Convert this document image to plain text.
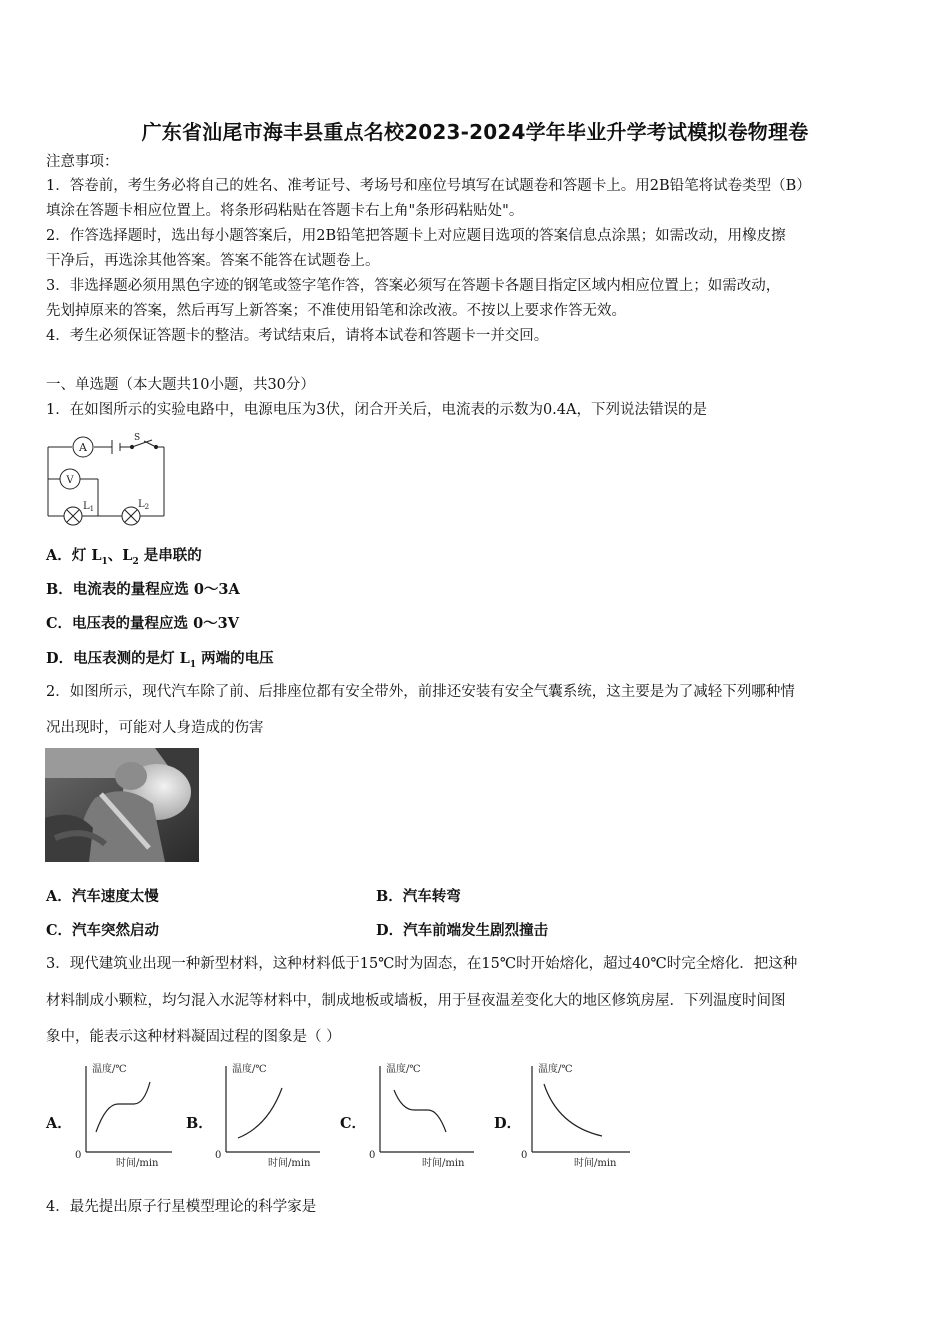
广东省汕尾市海丰县重点名校2023-2024学年毕业升学考试模拟卷物理卷
注意事项：
1．答卷前，考生务必将自己的姓名、准考证号、考场号和座位号填写在试题卷和答题卡上。用2B铅笔将试卷类型（B）
填涂在答题卡相应位置上。将条形码粘贴在答题卡右上角"条形码粘贴处"。
2．作答选择题时，选出每小题答案后，用2B铅笔把答题卡上对应题目选项的答案信息点涂黑；如需改动，用橡皮擦
干净后，再选涂其他答案。答案不能答在试题卷上。
3．非选择题必须用黑色字迹的钢笔或签字笔作答，答案必须写在答题卡各题目指定区域内相应位置上；如需改动，
先划掉原来的答案，然后再写上新答案；不准使用铅笔和涂改液。不按以上要求作答无效。
4．考生必须保证答题卡的整洁。考试结束后，请将本试卷和答题卡一并交回。
一、单选题（本大题共10小题，共30分）
1．在如图所示的实验电路中，电源电压为3伏，闭合开关后，电流表的示数为0.4A，下列说法错误的是
A
S
V
$L_1$	$L_2$
A．灯 $L_1$、$L_2$ 是串联的
B．电流表的量程应选 0～3A
C．电压表的量程应选 0～3V
D．电压表测的是灯 $L_1$ 两端的电压
2．如图所示，现代汽车除了前、后排座位都有安全带外，前排还安装有安全气囊系统，这主要是为了减轻下列哪种情
况出现时，可能对人身造成的伤害
A．汽车速度太慢	B．汽车转弯
C．汽车突然启动	D．汽车前端发生剧烈撞击
3．现代建筑业出现一种新型材料，这种材料低于15℃时为固态，在15℃时开始熔化，超过40℃时完全熔化．把这种
材料制成小颗粒，均匀混入水泥等材料中，制成地板或墙板，用于昼夜温差变化大的地区修筑房屋．下列温度时间图
象中，能表示这种材料凝固过程的图象是（ ）
A．	B．	C．	D．
温度/℃
0
时间/min
温度/℃
0
时间/min
温度/℃
0
时间/min
温度/℃
0
时间/min
4．最先提出原子行星模型理论的科学家是
